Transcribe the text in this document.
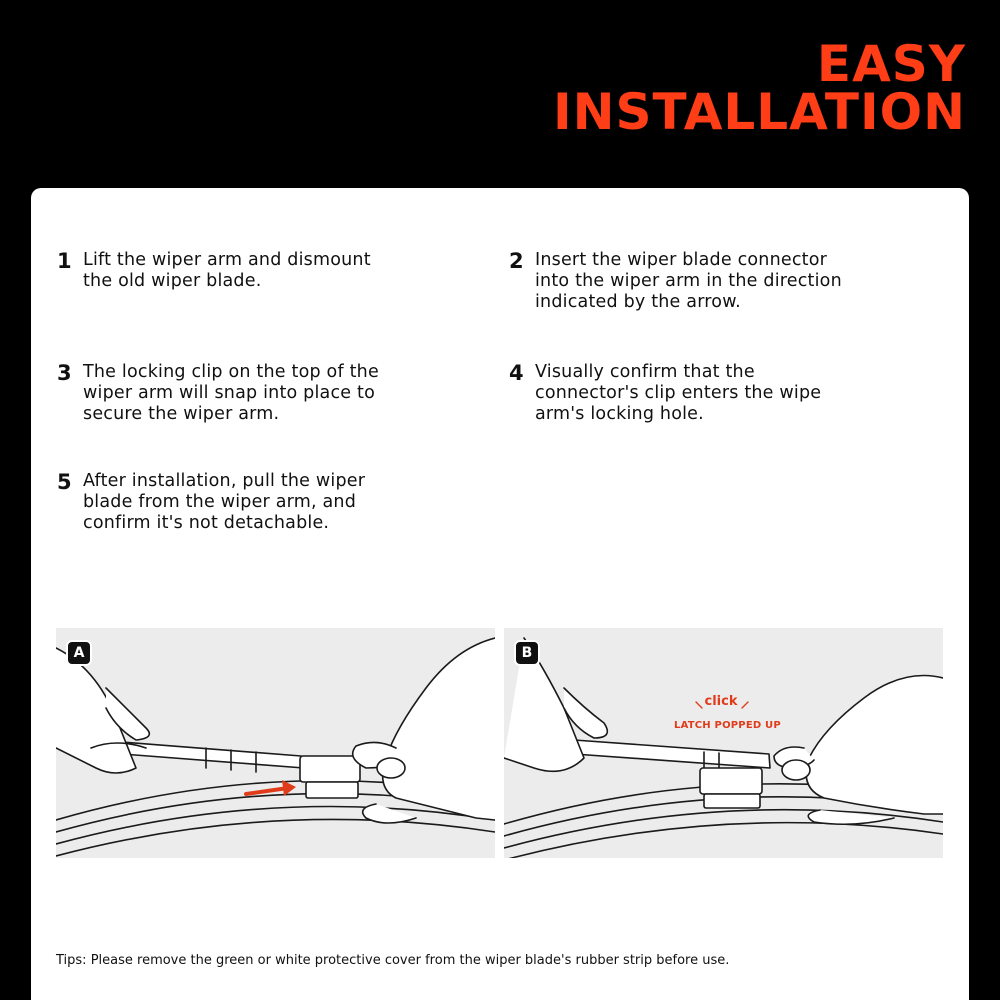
EASY
INSTALLATION
1 Lift the wiper arm and dismount
the old wiper blade.
2 Insert the wiper blade connector
into the wiper arm in the direction
indicated by the arrow.
3 The locking clip on the top of the
wiper arm will snap into place to
secure the wiper arm.
4 Visually confirm that the
connector's clip enters the wipe
arm's locking hole.
5 After installation, pull the wiper
blade from the wiper arm, and
confirm it's not detachable.
A	B
click
LATCH POPPED UP
Tips: Please remove the green or white protective cover from the wiper blade's rubber strip before use.
